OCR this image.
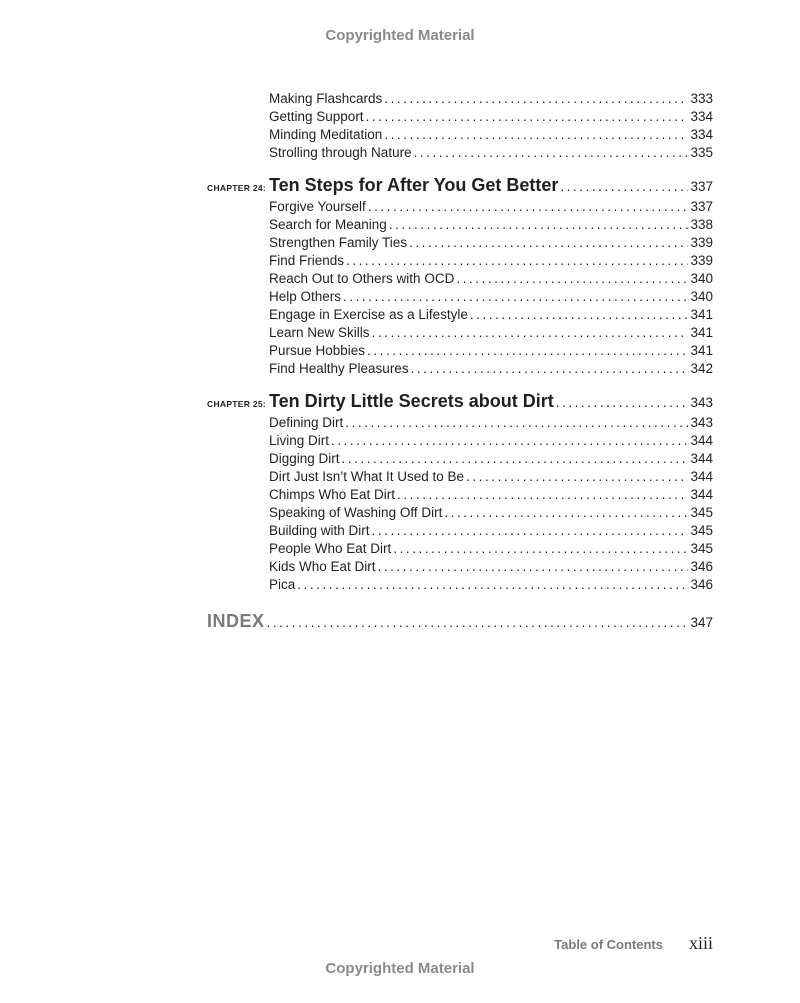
Copyrighted Material
Making Flashcards . . .	333
Getting Support . . .	334
Minding Meditation . . .	334
Strolling through Nature . . .	335
CHAPTER 24: Ten Steps for After You Get Better . . .	337
Forgive Yourself . . .	337
Search for Meaning . . .	338
Strengthen Family Ties . . .	339
Find Friends . . .	339
Reach Out to Others with OCD . . .	340
Help Others . . .	340
Engage in Exercise as a Lifestyle . . .	341
Learn New Skills . . .	341
Pursue Hobbies . . .	341
Find Healthy Pleasures . . .	342
CHAPTER 25: Ten Dirty Little Secrets about Dirt . . .	343
Defining Dirt . . .	343
Living Dirt . . .	344
Digging Dirt . . .	344
Dirt Just Isn’t What It Used to Be . . .	344
Chimps Who Eat Dirt . . .	344
Speaking of Washing Off Dirt . . .	345
Building with Dirt . . .	345
People Who Eat Dirt . . .	345
Kids Who Eat Dirt . . .	346
Pica . . .	346
INDEX . . .	347
Table of Contents xiii
Copyrighted Material
